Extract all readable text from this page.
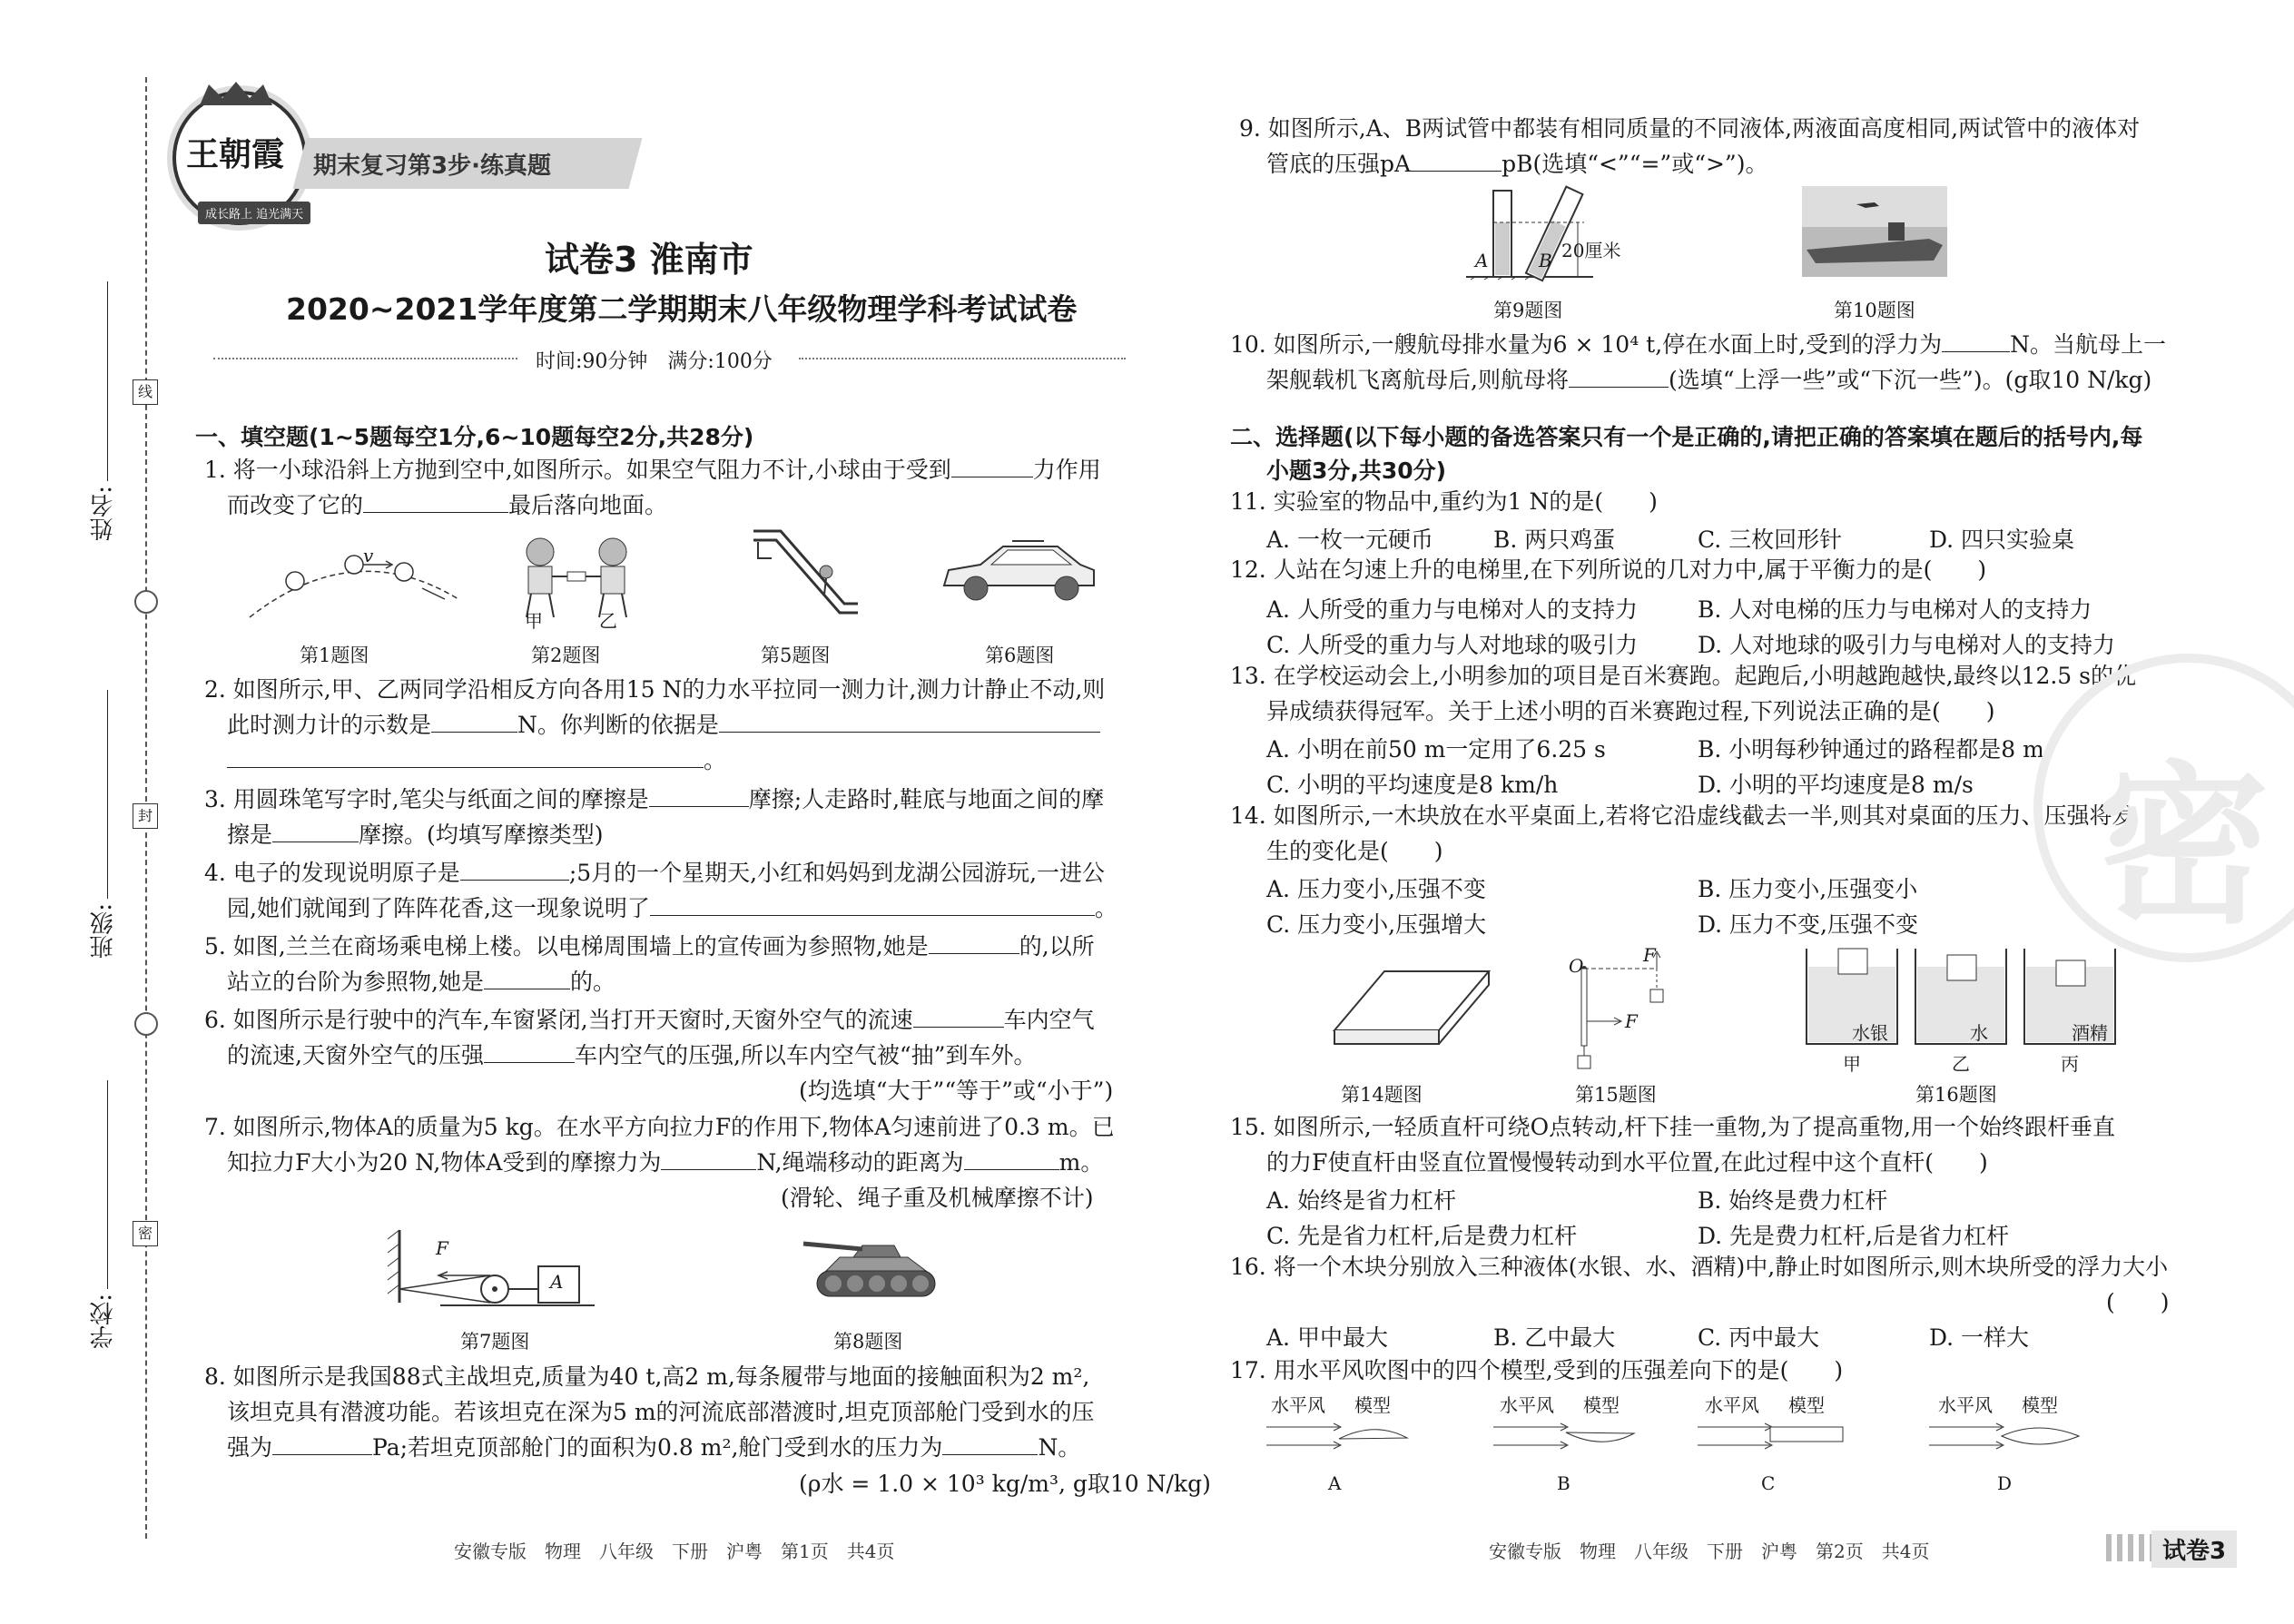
线
封
密
姓名:
班级:
学校:
王朝霞
成长路上 追光满天
期末复习第3步·练真题
试卷3 淮南市
2020~2021学年度第二学期期末八年级物理学科考试试卷
时间:90分钟　满分:100分
一、填空题(1~5题每空1分,6~10题每空2分,共28分)
1. 将一小球沿斜上方抛到空中,如图所示。如果空气阻力不计,小球由于受到	力作用
而改变了它的	最后落向地面。
v
甲	乙
第1题图	第2题图	第5题图	第6题图
2. 如图所示,甲、乙两同学沿相反方向各用15 N的力水平拉同一测力计,测力计静止不动,则
此时测力计的示数是	N。你判断的依据是
。
3. 用圆珠笔写字时,笔尖与纸面之间的摩擦是	摩擦;人走路时,鞋底与地面之间的摩
擦是	摩擦。(均填写摩擦类型)
4. 电子的发现说明原子是	;5月的一个星期天,小红和妈妈到龙湖公园游玩,一进公
园,她们就闻到了阵阵花香,这一现象说明了	。
5. 如图,兰兰在商场乘电梯上楼。以电梯周围墙上的宣传画为参照物,她是	的,以所
站立的台阶为参照物,她是	的。
6. 如图所示是行驶中的汽车,车窗紧闭,当打开天窗时,天窗外空气的流速	车内空气
的流速,天窗外空气的压强	车内空气的压强,所以车内空气被“抽”到车外。
(均选填“大于”“等于”或“小于”)
7. 如图所示,物体A的质量为5 kg。在水平方向拉力F的作用下,物体A匀速前进了0.3 m。已
知拉力F大小为20 N,物体A受到的摩擦力为	N,绳端移动的距离为	m。
(滑轮、绳子重及机械摩擦不计)
F
A
第7题图	第8题图
8. 如图所示是我国88式主战坦克,质量为40 t,高2 m,每条履带与地面的接触面积为2 m²,
该坦克具有潜渡功能。若该坦克在深为5 m的河流底部潜渡时,坦克顶部舱门受到水的压
强为	Pa;若坦克顶部舱门的面积为0.8 m²,舱门受到水的压力为	N。
(ρ水 = 1.0 × 10³ kg/m³, g取10 N/kg)
安徽专版　物理　八年级　下册　沪粤　第1页　共4页
9. 如图所示,A、B两试管中都装有相同质量的不同液体,两液面高度相同,两试管中的液体对
管底的压强pA	pB(选填“<”“=”或“>”)。
20厘米
A	B
第9题图	第10题图
10. 如图所示,一艘航母排水量为6 × 10⁴ t,停在水面上时,受到的浮力为	N。当航母上一
架舰载机飞离航母后,则航母将	(选填“上浮一些”或“下沉一些”)。(g取10 N/kg)
二、选择题(以下每小题的备选答案只有一个是正确的,请把正确的答案填在题后的括号内,每
小题3分,共30分)
11. 实验室的物品中,重约为1 N的是(　　)
A. 一枚一元硬币	B. 两只鸡蛋	C. 三枚回形针	D. 四只实验桌
12. 人站在匀速上升的电梯里,在下列所说的几对力中,属于平衡力的是(　　)
A. 人所受的重力与电梯对人的支持力	B. 人对电梯的压力与电梯对人的支持力
C. 人所受的重力与人对地球的吸引力	D. 人对地球的吸引力与电梯对人的支持力
13. 在学校运动会上,小明参加的项目是百米赛跑。起跑后,小明越跑越快,最终以12.5 s的优
异成绩获得冠军。关于上述小明的百米赛跑过程,下列说法正确的是(　　)
A. 小明在前50 m一定用了6.25 s	B. 小明每秒钟通过的路程都是8 m
C. 小明的平均速度是8 km/h	D. 小明的平均速度是8 m/s
14. 如图所示,一木块放在水平桌面上,若将它沿虚线截去一半,则其对桌面的压力、压强将发
生的变化是(　　)
A. 压力变小,压强不变	B. 压力变小,压强变小
C. 压力变小,压强增大	D. 压力不变,压强不变
O	F
F
水银	水	酒精
甲	乙	丙
第14题图	第15题图	第16题图
15. 如图所示,一轻质直杆可绕O点转动,杆下挂一重物,为了提高重物,用一个始终跟杆垂直
的力F使直杆由竖直位置慢慢转动到水平位置,在此过程中这个直杆(　　)
A. 始终是省力杠杆	B. 始终是费力杠杆
C. 先是省力杠杆,后是费力杠杆	D. 先是费力杠杆,后是省力杠杆
16. 将一个木块分别放入三种液体(水银、水、酒精)中,静止时如图所示,则木块所受的浮力大小
(　　)
A. 甲中最大	B. 乙中最大	C. 丙中最大	D. 一样大
17. 用水平风吹图中的四个模型,受到的压强差向下的是(　　)
水平风 模型	水平风 模型	水平风 模型	水平风 模型
A	B	C	D
安徽专版　物理　八年级　下册　沪粤　第2页　共4页	试卷3
密
